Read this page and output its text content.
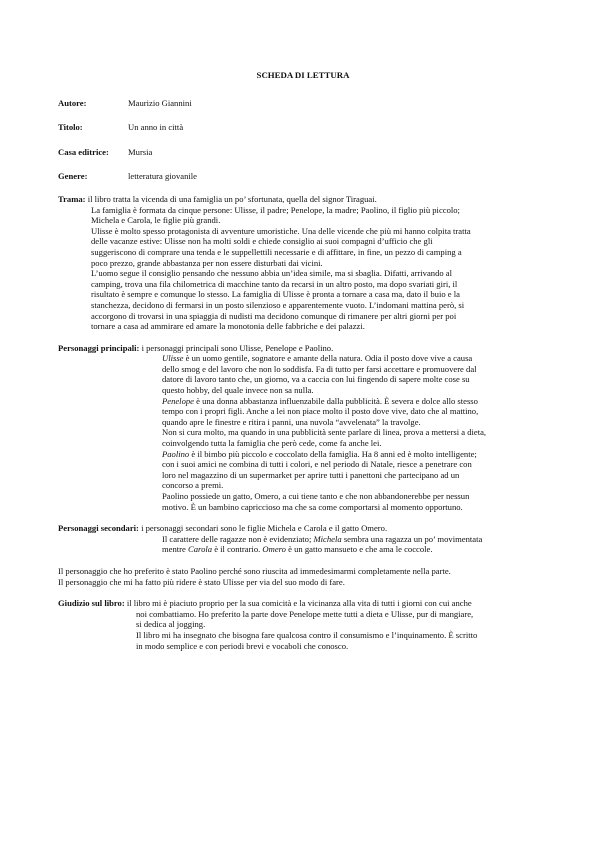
SCHEDA DI LETTURA
Autore:	Maurizio Giannini
Titolo:	Un anno in città
Casa editrice:	Mursia
Genere:	letteratura giovanile

Trama: il libro tratta la vicenda di una famiglia un po’ sfortunata, quella del signor Tiraguai.

La famiglia è formata da cinque persone: Ulisse, il padre; Penelope, la madre; Paolino, il figlio più piccolo;

Michela e Carola, le figlie più grandi.

Ulisse è molto spesso protagonista di avventure umoristiche. Una delle vicende che più mi hanno colpita tratta

delle vacanze estive: Ulisse non ha molti soldi e chiede consiglio ai suoi compagni d’ufficio che gli

suggeriscono di comprare una tenda e le suppellettili necessarie e di affittare, in fine, un pezzo di camping a

poco prezzo, grande abbastanza per non essere disturbati dai vicini.

L’uomo segue il consiglio pensando che nessuno abbia un’idea simile, ma si sbaglia. Difatti, arrivando al

camping, trova una fila chilometrica di macchine tanto da recarsi in un altro posto, ma dopo svariati giri, il

risultato è sempre e comunque lo stesso. La famiglia di Ulisse è pronta a tornare a casa ma, dato il buio e la

stanchezza, decidono di fermarsi in un posto silenzioso e apparentemente vuoto. L’indomani mattina però, si

accorgono di trovarsi in una spiaggia di nudisti ma decidono comunque di rimanere per altri giorni per poi

tornare a casa ad ammirare ed amare la monotonia delle fabbriche e dei palazzi.

Personaggi principali: i personaggi principali sono Ulisse, Penelope e Paolino.

Ulisse è un uomo gentile, sognatore e amante della natura. Odia il posto dove vive a causa

dello smog e del lavoro che non lo soddisfa. Fa di tutto per farsi accettare e promuovere dal

datore di lavoro tanto che, un giorno, va a caccia con lui fingendo di sapere molte cose su

questo hobby, del quale invece non sa nulla.

Penelope è una donna abbastanza influenzabile dalla pubblicità. È severa e dolce allo stesso

tempo con i propri figli. Anche a lei non piace molto il posto dove vive, dato che al mattino,

quando apre le finestre e ritira i panni, una nuvola “avvelenata” la travolge.

Non si cura molto, ma quando in una pubblicità sente parlare di linea, prova a mettersi a dieta,

coinvolgendo tutta la famiglia che però cede, come fa anche lei.

Paolino è il bimbo più piccolo e coccolato della famiglia. Ha 8 anni ed è molto intelligente;

con i suoi amici ne combina di tutti i colori, e nel periodo di Natale, riesce a penetrare con

loro nel magazzino di un supermarket per aprire tutti i panettoni che partecipano ad un

concorso a premi.

Paolino possiede un gatto, Omero, a cui tiene tanto e che non abbandonerebbe per nessun

motivo. È un bambino capriccioso ma che sa come comportarsi al momento opportuno.

Personaggi secondari: i personaggi secondari sono le figlie Michela e Carola e il gatto Omero.

Il carattere delle ragazze non è evidenziato; Michela sembra una ragazza un po’ movimentata

mentre Carola è il contrario. Omero è un gatto mansueto e che ama le coccole.

Il personaggio che ho preferito è stato Paolino perché sono riuscita ad immedesimarmi completamente nella parte.

Il personaggio che mi ha fatto più ridere è stato Ulisse per via del suo modo di fare.

Giudizio sul libro: il libro mi è piaciuto proprio per la sua comicità e la vicinanza alla vita di tutti i giorni con cui anche

noi combattiamo. Ho preferito la parte dove Penelope mette tutti a dieta e Ulisse, pur di mangiare,

si dedica al jogging.

Il libro mi ha insegnato che bisogna fare qualcosa contro il consumismo e l’inquinamento. È scritto

in modo semplice e con periodi brevi e vocaboli che conosco.
